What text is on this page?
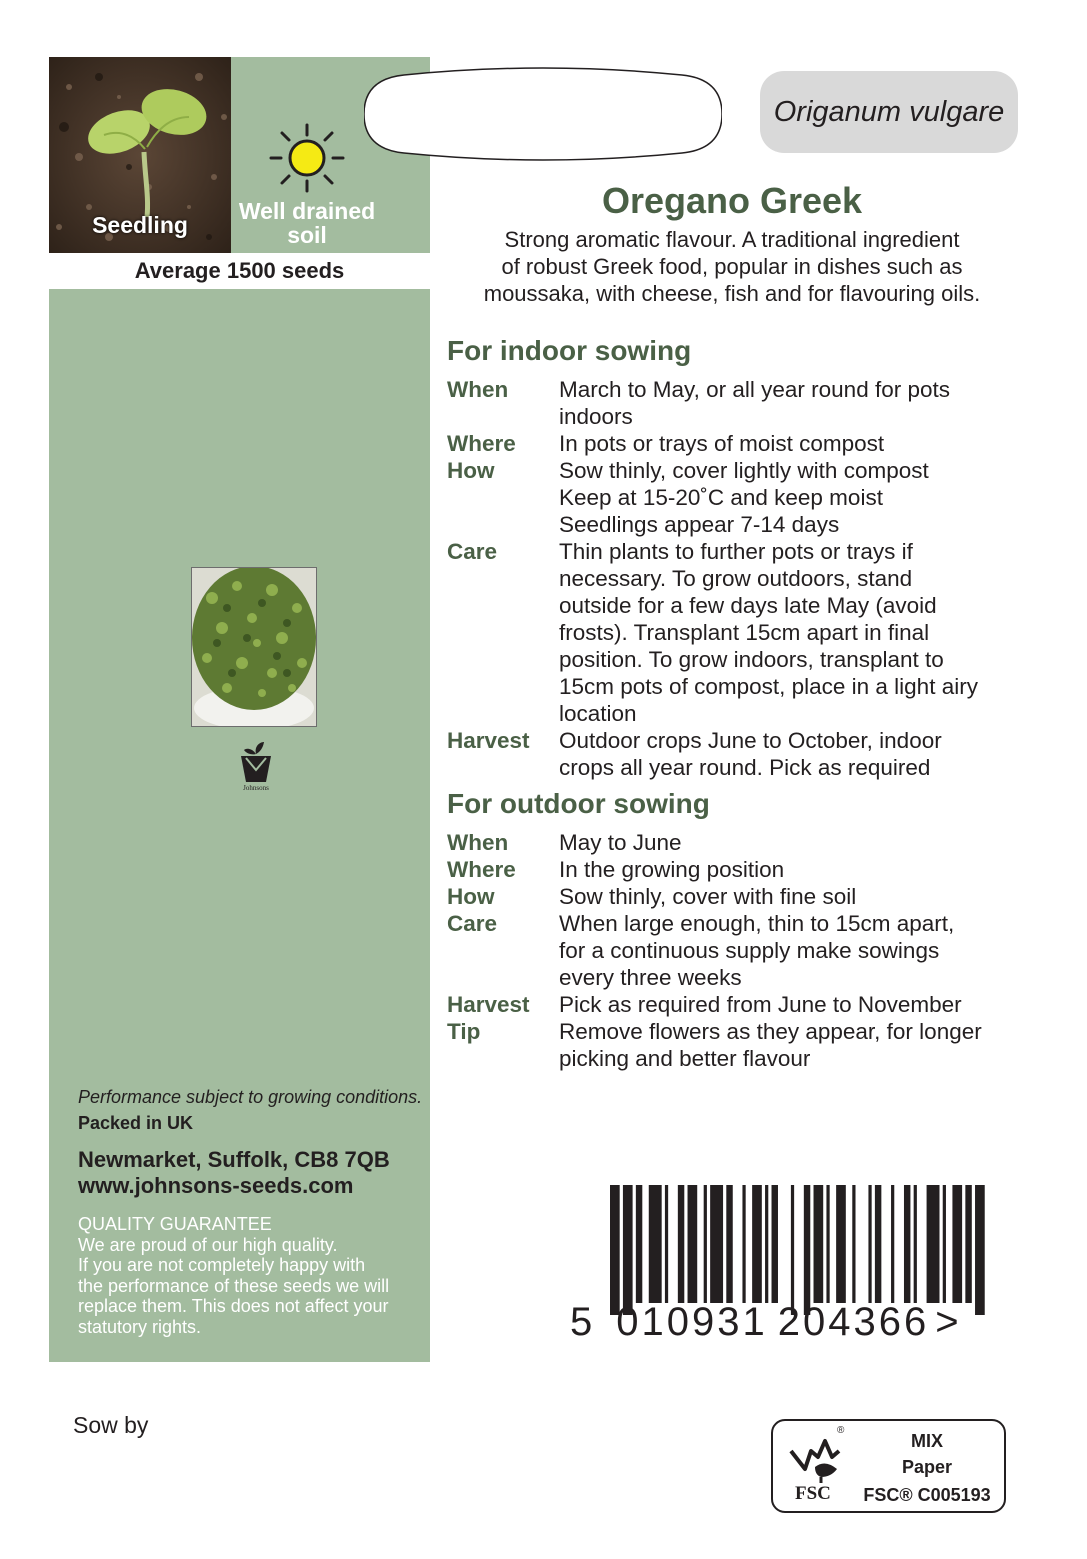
Seedling
Well drained
soil
Average 1500 seeds
Johnsons
Performance subject to growing conditions.
Packed in UK
Newmarket, Suffolk, CB8 7QB
www.johnsons-seeds.com
QUALITY GUARANTEE
We are proud of our high quality.
If you are not completely happy with
the performance of these seeds we will
replace them. This does not affect your
statutory rights.
Origanum vulgare
Oregano Greek
Strong aromatic flavour. A traditional ingredient
of robust Greek food, popular in dishes such as
moussaka, with cheese, fish and for flavouring oils.
For indoor sowing
When	March to May, or all year round for pots
indoors
Where	In pots or trays of moist compost
How	Sow thinly, cover lightly with compost
Keep at 15-20˚C and keep moist
Seedlings appear 7-14 days
Care	Thin plants to further pots or trays if
necessary. To grow outdoors, stand
outside for a few days late May (avoid
frosts). Transplant 15cm apart in final
position. To grow indoors, transplant to
15cm pots of compost, place in a light airy
location
Harvest	Outdoor crops June to October, indoor
crops all year round. Pick as required
For outdoor sowing
When	May to June
Where	In the growing position
How	Sow thinly, cover with fine soil
Care	When large enough, thin to 15cm apart,
for a continuous supply make sowings
every three weeks
Harvest	Pick as required from June to November
Tip	Remove flowers as they appear, for longer
picking and better flavour
5 010931 204366 >
Sow by	®
FSC
MIX
Paper
FSC® C005193
